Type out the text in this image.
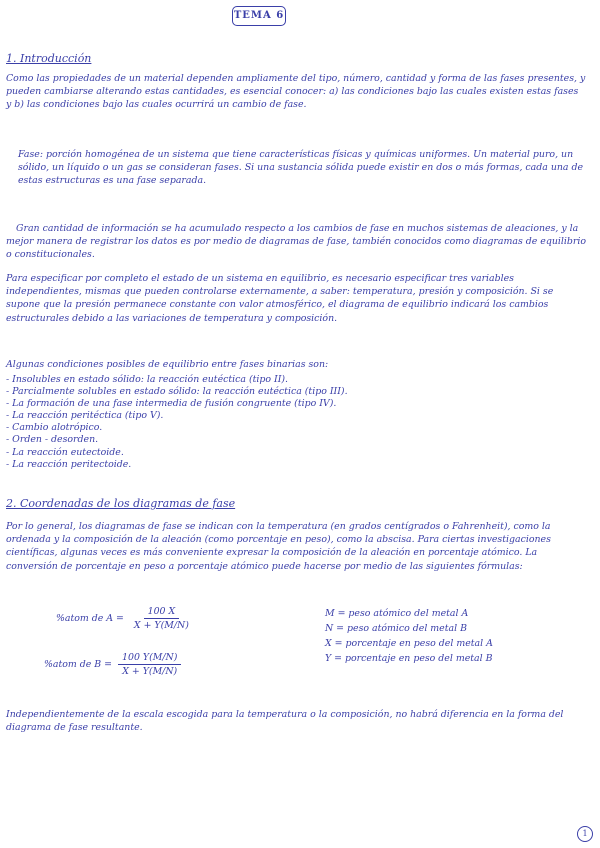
TEMA 6
1. Introducción

Como las propiedades de un material dependen ampliamente del tipo, número, cantidad y forma de las fases presentes, y pueden cambiarse alterando estas cantidades, es esencial conocer: a) las condiciones bajo las cuales existen estas fases y b) las condiciones bajo las cuales ocurrirá un cambio de fase.

Fase: porción homogénea de un sistema que tiene características físicas y químicas uniformes. Un material puro, un sólido, un líquido o un gas se consideran fases. Si una sustancia sólida puede existir en dos o más formas, cada una de estas estructuras es una fase separada.

Gran cantidad de información se ha acumulado respecto a los cambios de fase en muchos sistemas de aleaciones, y la mejor manera de registrar los datos es por medio de diagramas de fase, también conocidos como diagramas de equilibrio o constitucionales.

Para especificar por completo el estado de un sistema en equilibrio, es necesario especificar tres variables independientes, mismas que pueden controlarse externamente, a saber: temperatura, presión y composición. Si se supone que la presión permanece constante con valor atmosférico, el diagrama de equilibrio indicará los cambios estructurales debido a las variaciones de temperatura y composición.

Algunas condiciones posibles de equilibrio entre fases binarias son:

- Insolubles en estado sólido: la reacción eutéctica (tipo II).
- Parcialmente solubles en estado sólido: la reacción eutéctica (tipo III).
- La formación de una fase intermedia de fusión congruente (tipo IV).
- La reacción peritéctica (tipo V).
- Cambio alotrópico.
- Orden - desorden.
- La reacción eutectoide.
- La reacción peritectoide.
2. Coordenadas de los diagramas de fase

Por lo general, los diagramas de fase se indican con la temperatura (en grados centígrados o Fahrenheit), como la ordenada y la composición de la aleación (como porcentaje en peso), como la abscisa. Para ciertas investigaciones científicas, algunas veces es más conveniente expresar la composición de la aleación en porcentaje atómico. La conversión de porcentaje en peso a porcentaje atómico puede hacerse por medio de las siguientes fórmulas:

%atom de $A = \frac{100 X}{X + Y(M/N)}$
%atom de $B = \frac{100 Y(M/N)}{X + Y(M/N)}$
M = peso atómico del metal A
N = peso atómico del metal B
X = porcentaje en peso del metal A
Y = porcentaje en peso del metal B

Independientemente de la escala escogida para la temperatura o la composición, no habrá diferencia en la forma del diagrama de fase resultante.

1
